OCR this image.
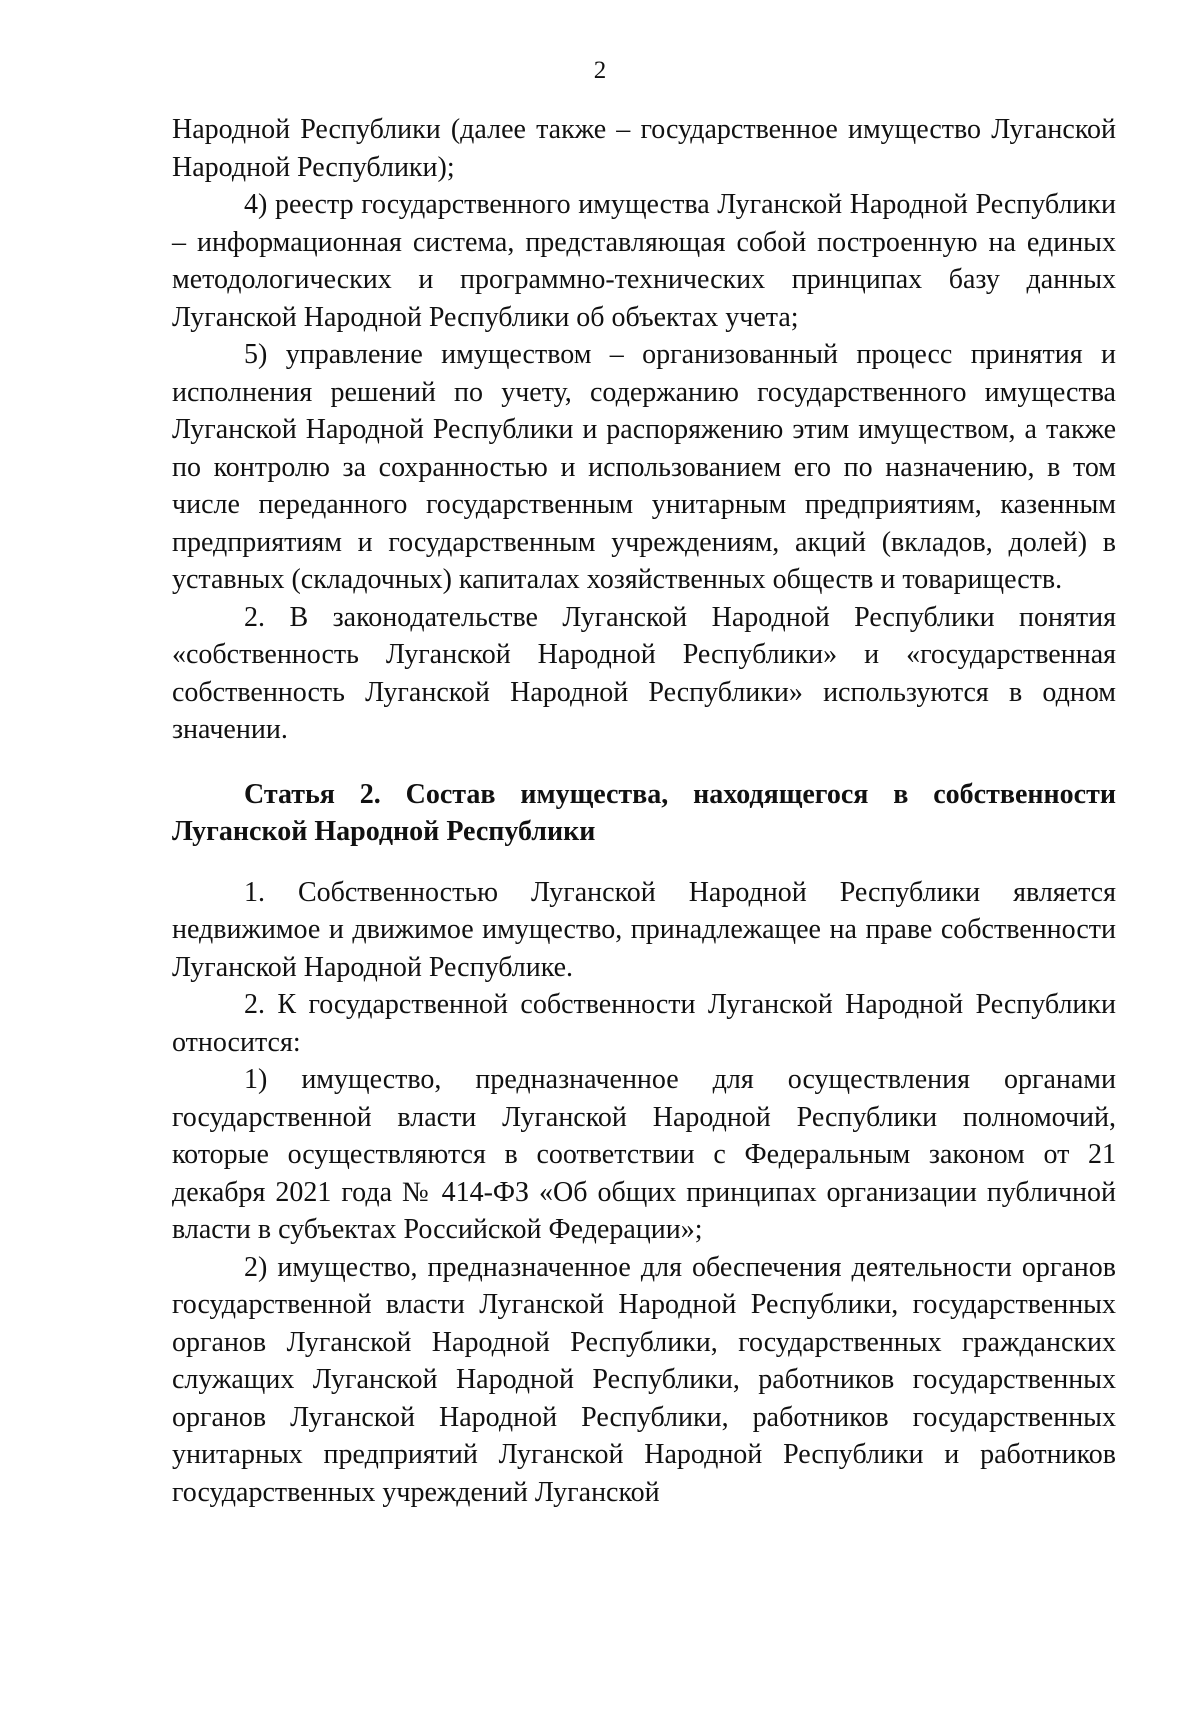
2

Народной Республики (далее также – государственное имущество Луганской Народной Республики);

4) реестр государственного имущества Луганской Народной Республики – информационная система, представляющая собой построенную на единых методологических и программно-технических принципах базу данных Луганской Народной Республики об объектах учета;

5) управление имуществом – организованный процесс принятия и исполнения решений по учету, содержанию государственного имущества Луганской Народной Республики и распоряжению этим имуществом, а также по контролю за сохранностью и использованием его по назначению, в том числе переданного государственным унитарным предприятиям, казенным предприятиям и государственным учреждениям, акций (вкладов, долей) в уставных (складочных) капиталах хозяйственных обществ и товариществ.

2. В законодательстве Луганской Народной Республики понятия «собственность Луганской Народной Республики» и «государственная собственность Луганской Народной Республики» используются в одном значении.

Статья 2. Состав имущества, находящегося в собственности Луганской Народной Республики

1. Собственностью Луганской Народной Республики является недвижимое и движимое имущество, принадлежащее на праве собственности Луганской Народной Республике.

2. К государственной собственности Луганской Народной Республики относится:

1) имущество, предназначенное для осуществления органами государственной власти Луганской Народной Республики полномочий, которые осуществляются в соответствии с Федеральным законом от 21 декабря 2021 года № 414-ФЗ «Об общих принципах организации публичной власти в субъектах Российской Федерации»;

2) имущество, предназначенное для обеспечения деятельности органов государственной власти Луганской Народной Республики, государственных органов Луганской Народной Республики, государственных гражданских служащих Луганской Народной Республики, работников государственных органов Луганской Народной Республики, работников государственных унитарных предприятий Луганской Народной Республики и работников государственных учреждений Луганской
